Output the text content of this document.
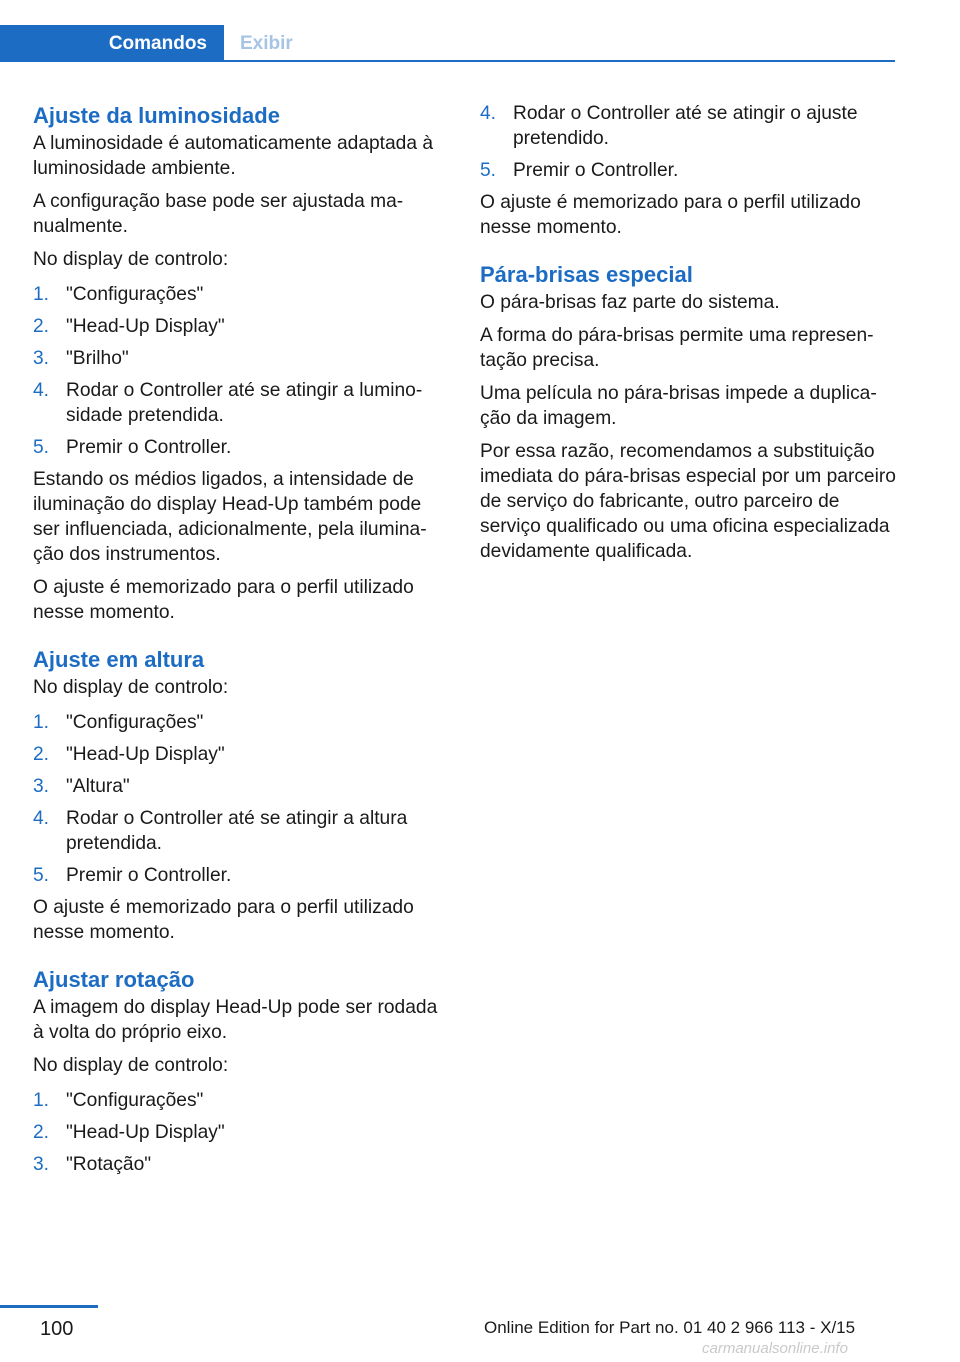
Comandos	Exibir
Ajuste da luminosidade

A luminosidade é automaticamente adaptada à luminosidade ambiente.

A configuração base pode ser ajustada manualmente.

No display de controlo:

1. "Configurações"
2. "Head-Up Display"
3. "Brilho"
4. Rodar o Controller até se atingir a luminosidade pretendida.
5. Premir o Controller.

Estando os médios ligados, a intensidade de iluminação do display Head-Up também pode ser influenciada, adicionalmente, pela iluminação dos instrumentos.

O ajuste é memorizado para o perfil utilizado nesse momento.

Ajuste em altura

No display de controlo:

1. "Configurações"
2. "Head-Up Display"
3. "Altura"
4. Rodar o Controller até se atingir a altura pretendida.
5. Premir o Controller.

O ajuste é memorizado para o perfil utilizado nesse momento.

Ajustar rotação

A imagem do display Head-Up pode ser rodada à volta do próprio eixo.

No display de controlo:

1. "Configurações"
2. "Head-Up Display"
3. "Rotação"
4. Rodar o Controller até se atingir o ajuste pretendido.
5. Premir o Controller.

O ajuste é memorizado para o perfil utilizado nesse momento.

Pára-brisas especial

O pára-brisas faz parte do sistema.

A forma do pára-brisas permite uma representação precisa.

Uma película no pára-brisas impede a duplicação da imagem.

Por essa razão, recomendamos a substituição imediata do pára-brisas especial por um parceiro de serviço do fabricante, outro parceiro de serviço qualificado ou uma oficina especializada devidamente qualificada.

100	Online Edition for Part no. 01 40 2 966 113 - X/15
carmanualsonline.info
